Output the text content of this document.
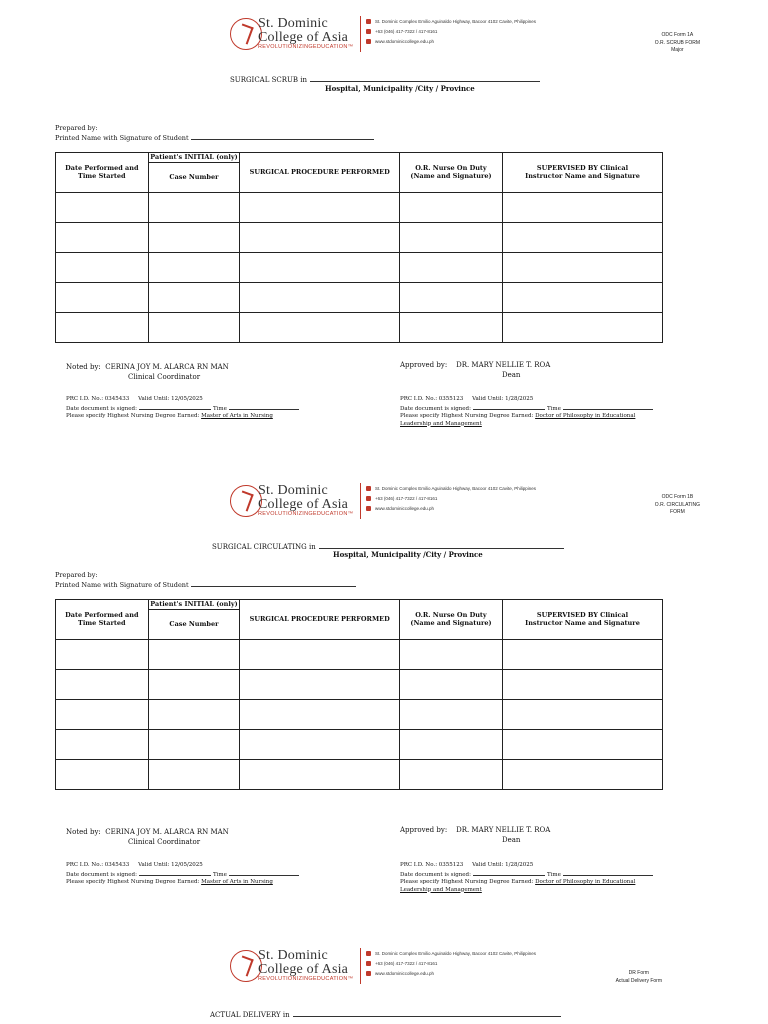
St. Dominic
College of Asia
REVOLUTIONIZINGEDUCATION™
St. Dominic Complex Emilio Aguinaldo Highway, Bacoor 4102 Cavite, Philippines
+63 (046) 417-7322 / 417-8161
www.stdominiccollege.edu.ph
ODC Form 1A
O.R. SCRUB FORM
Major
SURGICAL SCRUB in
Hospital, Municipality /City / Province
Prepared by:
Printed Name with Signature of Student
Date Performed and Time Started	Patient's INITIAL (only)	SURGICAL PROCEDURE PERFORMED	O.R. Nurse On Duty (Name and Signature)	SUPERVISED BY Clinical Instructor Name and Signature
	Case Number			

Noted by: CERINA JOY M. ALARCA RN MAN
Clinical Coordinator
Approved by: DR. MARY NELLIE T. ROA
Dean
PRC I.D. No.: 0345433 Valid Until: 12/05/2025
Date document is signed:	Time
Please specify Highest Nursing Degree Earned: Master of Arts in Nursing
PRC I.D. No.: 0355123 Valid Until: 1/28/2025
Date document is signed:	Time
Please specify Highest Nursing Degree Earned: Doctor of Philosophy in Educational
Leadership and Management
St. Dominic
College of Asia
REVOLUTIONIZINGEDUCATION™
St. Dominic Complex Emilio Aguinaldo Highway, Bacoor 4102 Cavite, Philippines
+63 (046) 417-7322 / 417-8161
www.stdominiccollege.edu.ph
ODC Form 1B
O.R. CIRCULATING
FORM
SURGICAL CIRCULATING in
Hospital, Municipality /City / Province
Prepared by:
Printed Name with Signature of Student
Date Performed and Time Started	Patient's INITIAL (only)	SURGICAL PROCEDURE PERFORMED	O.R. Nurse On Duty (Name and Signature)	SUPERVISED BY Clinical Instructor Name and Signature
	Case Number			

Noted by: CERINA JOY M. ALARCA RN MAN
Clinical Coordinator
Approved by: DR. MARY NELLIE T. ROA
Dean
PRC I.D. No.: 0345433 Valid Until: 12/05/2025
Date document is signed:	Time
Please specify Highest Nursing Degree Earned: Master of Arts in Nursing
PRC I.D. No.: 0355123 Valid Until: 1/28/2025
Date document is signed:	Time
Please specify Highest Nursing Degree Earned: Doctor of Philosophy in Educational
Leadership and Management
St. Dominic
College of Asia
REVOLUTIONIZINGEDUCATION™
St. Dominic Complex Emilio Aguinaldo Highway, Bacoor 4102 Cavite, Philippines
+63 (046) 417-7322 / 417-8161
www.stdominiccollege.edu.ph	DR Form
Actual Delivery Form
ACTUAL DELIVERY in
